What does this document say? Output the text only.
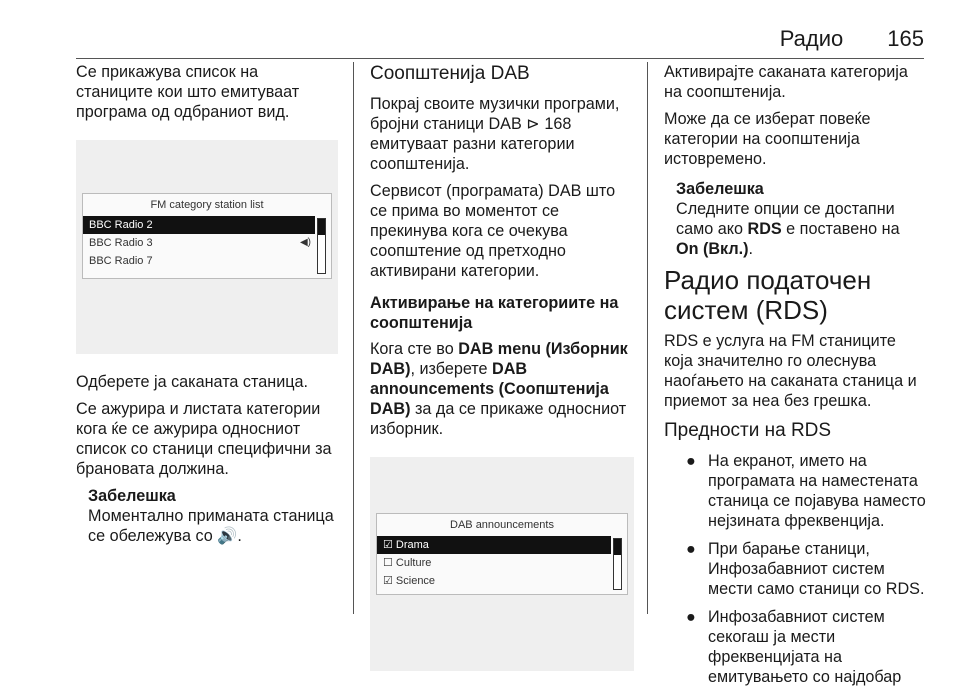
Радио 165

Се прикажува список на станиците кои што емитуваат програма од одбраниот вид.

FM category station list
BBC Radio 2
BBC Radio 3	◀)
BBC Radio 7

Одберете ја саканата станица.

Се ажурира и листата категории кога ќе се ажурира односниот список со станици специфични за брановата должина.

Забелешка
Моментално приманата станица се обележува со 🔊.
Соопштенија DAB

Покрај своите музички програми, бројни станици DAB ⊳ 168 емитуваат разни категории соопштенија.

Сервисот (програмата) DAB што се прима во моментот се прекинува кога се очекува соопштение од претходно активирани категории.

Активирање на категориите на соопштенија

Кога сте во DAB menu (Изборник DAB), изберете DAB announcements (Соопштенија DAB) за да се прикаже односниот изборник.

DAB announcements
☑ Drama
☐ Culture
☑ Science

Активирајте саканата категорија на соопштенија.

Може да се изберат повеќе категории на соопштенија истовремено.

Забелешка
Следните опции се достапни само ако RDS е поставено на On (Вкл.).
Радио податочен систем (RDS)

RDS е услуга на FM станиците која значително го олеснува наоѓањето на саканата станица и приемот за неа без грешка.

Предности на RDS
● На екранот, името на програмата на наместената станица се појавува наместо нејзината фреквенција.
● При барање станици, Инфозабавниот систем мести само станици со RDS.
● Инфозабавниот систем секогаш ја мести фреквенцијата на емитувањето со најдобар
